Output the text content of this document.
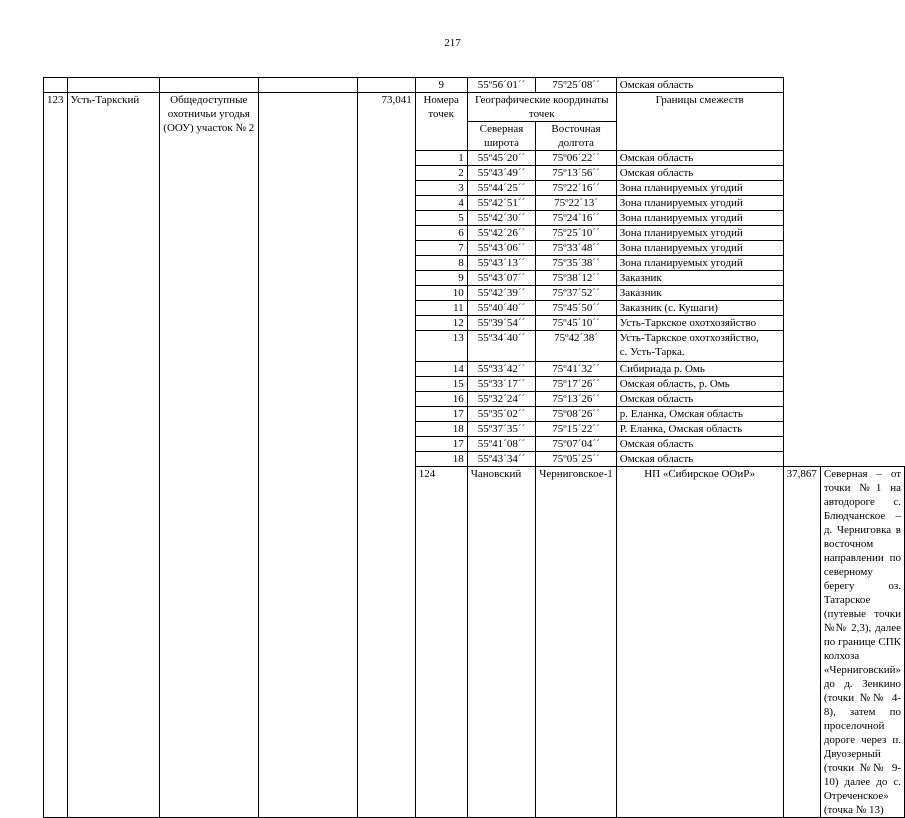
217
					9	55º56´01´´	75º25´08´´	Омская область		
123	Усть-Таркский	Общедоступные охотничьи угодья (ООУ) участок № 2		73,041	Номера точек	Географические координаты точек		Границы смежеств		
						Северная широта	Восточная долгота			
					1	55º45´20´´	75º06´22´´	Омская область		
					2	55º43´49´´	75º13´56´´	Омская область		
					3	55º44´25´´	75º22´16´´	Зона планируемых угодий		
					4	55º42´51´´	75º22´13´	Зона планируемых угодий		
					5	55º42´30´´	75º24´16´´	Зона планируемых угодий		
					6	55º42´26´´	75º25´10´´	Зона планируемых угодий		
					7	55º43´06´´	75º33´48´´	Зона планируемых угодий		
					8	55º43´13´´	75º35´38´´	Зона планируемых угодий		
					9	55º43´07´´	75º38´12´´	Заказник		
					10	55º42´39´´	75º37´52´´	Заказник		
					11	55º40´40´´	75º45´50´´	Заказник (с. Кушаги)		
					12	55º39´54´´	75º45´10´´	Усть-Таркское охотхозяйство		
					13	55º34´40´´	75º42´38´	Усть-Таркское охотхозяйство,
с. Усть-Тарка.		
					14	55º33´42´´	75º41´32´´	Сибириада р. Омь		
					15	55º33´17´´	75º17´26´´	Омская область, р. Омь		
					16	55º32´24´´	75º13´26´´	Омская область		
					17	55º35´02´´	75º08´26´´	р. Еланка, Омская область		
					18	55º37´35´´	75º15´22´´	Р. Еланка, Омская область		
					17	55º41´08´´	75º07´04´´	Омская область		
					18	55º43´34´´	75º05´25´´	Омская область		
					124	Чановский	Черниговское-1	НП «Сибирское ООиР»	37,867	Северная – от точки №1 на автодороге с. Блюдчанское – д. Черниговка в восточном направлении по северному берегу оз. Татарское (путевые точки №№ 2,3), далее по границе СПК колхоза «Черниговский» до д. Зенкино (точки №№ 4-8), затем по проселочной дороге через п. Двуозерный (точки №№ 9-10) далее до с. Отреченское» (точка № 13)
